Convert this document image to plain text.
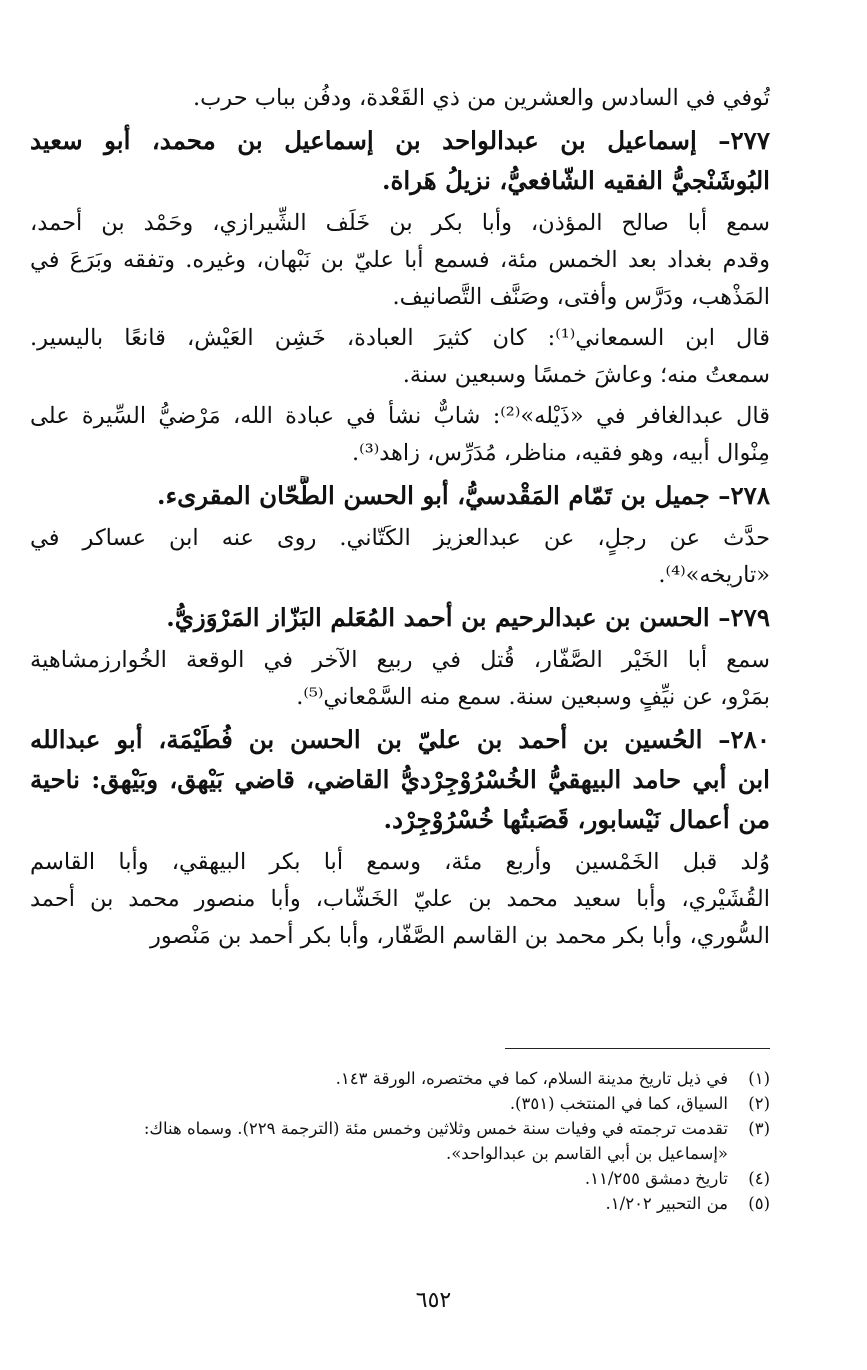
تُوفي في السادس والعشرين من ذي القَعْدة، ودفُن بباب حرب.
٢٧٧– إسماعيل بن عبدالواحد بن إسماعيل بن محمد، أبو سعيد
البُوشَنْجيُّ الفقيه الشّافعيُّ، نزيلُ هَراة.
سمع أبا صالح المؤذن، وأبا بكر بن خَلَف الشِّيرازي، وحَمْد بن أحمد،
وقدم بغداد بعد الخمس مئة، فسمع أبا عليّ بن نَبْهان، وغيره. وتفقه وبَرَعَ في
المَذْهب، ودَرَّس وأفتى، وصَنَّف التَّصانيف.
قال ابن السمعاني⁽¹⁾: كان كثيرَ العبادة، خَشِن العَيْش، قانعًا باليسير.
سمعتُ منه؛ وعاشَ خمسًا وسبعين سنة.
قال عبدالغافر في «ذَيْله»⁽²⁾: شابٌّ نشأ في عبادة الله، مَرْضيُّ السِّيرة على
مِنْوال أبيه، وهو فقيه، مناظر، مُدَرِّس، زاهد⁽³⁾.
٢٧٨– جميل بن تَمّام المَقْدسيُّ، أبو الحسن الطَّحّان المقرىء.
حدَّث عن رجلٍ، عن عبدالعزيز الكَتّاني. روى عنه ابن عساكر في
«تاريخه»⁽⁴⁾.
٢٧٩– الحسن بن عبدالرحيم بن أحمد المُعَلم البَزّاز المَرْوَزيُّ.
سمع أبا الخَيْر الصَّفّار، قُتل في ربيع الآخر في الوقعة الخُوارزمشاهية
بمَرْو، عن نيِّفٍ وسبعين سنة. سمع منه السَّمْعاني⁽⁵⁾.
٢٨٠– الحُسين بن أحمد بن عليّ بن الحسن بن فُطَيْمَة، أبو عبدالله
ابن أبي حامد البيهقيُّ الخُسْرُوْجِرْديُّ القاضي، قاضي بَيْهق، وبَيْهق: ناحية
من أعمال نَيْسابور، قَصَبتُها خُسْرُوْجِرْد.
وُلد قبل الخَمْسين وأربع مئة، وسمع أبا بكر البيهقي، وأبا القاسم
القُشَيْري، وأبا سعيد محمد بن عليّ الخَشّاب، وأبا منصور محمد بن أحمد
السُّوري، وأبا بكر محمد بن القاسم الصَّفّار، وأبا بكر أحمد بن مَنْصور
(١)في ذيل تاريخ مدينة السلام، كما في مختصره، الورقة ١٤٣.
(٢)السياق، كما في المنتخب (٣٥١).
(٣)تقدمت ترجمته في وفيات سنة خمس وثلاثين وخمس مئة (الترجمة ٢٢٩). وسماه هناك:
«إسماعيل بن أبي القاسم بن عبدالواحد».
(٤)تاريخ دمشق ١١/٢٥٥.
(٥)من التحبير ١/٢٠٢.
٦٥٢
